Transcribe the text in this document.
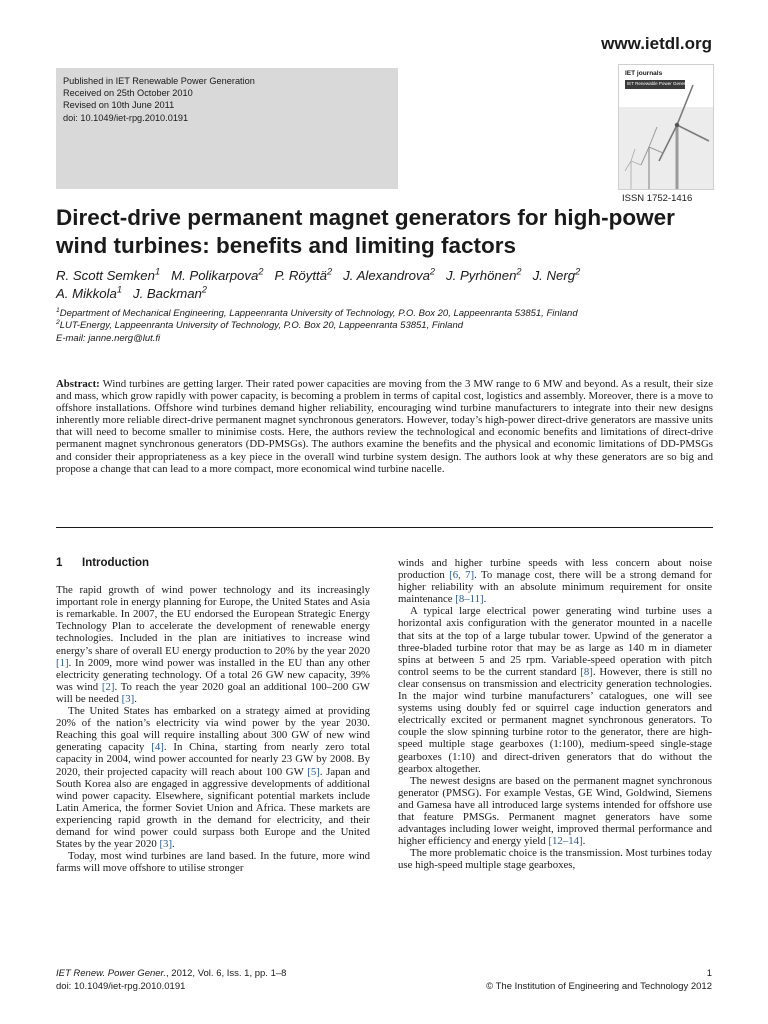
www.ietdl.org
Published in IET Renewable Power Generation
Received on 25th October 2010
Revised on 10th June 2011
doi: 10.1049/iet-rpg.2010.0191
IET journals
IET Renewable Power Generation
ISSN 1752-1416
Direct-drive permanent magnet generators for high-power wind turbines: benefits and limiting factors
R. Scott Semken$^1$ M. Polikarpova$^2$ P. Röyttä$^2$ J. Alexandrova$^2$ J. Pyrhönen$^2$ J. Nerg$^2$
A. Mikkola$^1$ J. Backman$^2$
$^1$Department of Mechanical Engineering, Lappeenranta University of Technology, P.O. Box 20, Lappeenranta 53851, Finland
$^2$LUT-Energy, Lappeenranta University of Technology, P.O. Box 20, Lappeenranta 53851, Finland
E-mail: janne.nerg@lut.fi
Abstract: Wind turbines are getting larger. Their rated power capacities are moving from the 3 MW range to 6 MW and beyond. As a result, their size and mass, which grow rapidly with power capacity, is becoming a problem in terms of capital cost, logistics and assembly. Moreover, there is a move to offshore installations. Offshore wind turbines demand higher reliability, encouraging wind turbine manufacturers to integrate into their new designs inherently more reliable direct-drive permanent magnet synchronous generators. However, today’s high-power direct-drive generators are massive units that will need to become smaller to minimise costs. Here, the authors review the technological and economic benefits and limitations of direct-drive permanent magnet synchronous generators (DD-PMSGs). The authors examine the benefits and the physical and economic limitations of DD-PMSGs and consider their appropriateness as a key piece in the overall wind turbine system design. The authors look at why these generators are so big and propose a change that can lead to a more compact, more economical wind turbine nacelle.
1 Introduction

The rapid growth of wind power technology and its increasingly important role in energy planning for Europe, the United States and Asia is remarkable. In 2007, the EU endorsed the European Strategic Energy Technology Plan to accelerate the development of renewable energy technologies. Included in the plan are initiatives to increase wind energy’s share of overall EU energy production to 20% by the year 2020 [1]. In 2009, more wind power was installed in the EU than any other electricity generating technology. Of a total 26 GW new capacity, 39% was wind [2]. To reach the year 2020 goal an additional 100–200 GW will be needed [3].

The United States has embarked on a strategy aimed at providing 20% of the nation’s electricity via wind power by the year 2030. Reaching this goal will require installing about 300 GW of new wind generating capacity [4]. In China, starting from nearly zero total capacity in 2004, wind power accounted for nearly 23 GW by 2008. By 2020, their projected capacity will reach about 100 GW [5]. Japan and South Korea also are engaged in aggressive developments of additional wind power capacity. Elsewhere, significant potential markets include Latin America, the former Soviet Union and Africa. These markets are experiencing rapid growth in the demand for electricity, and their demand for wind power could surpass both Europe and the United States by the year 2020 [3].

Today, most wind turbines are land based. In the future, more wind farms will move offshore to utilise stronger

winds and higher turbine speeds with less concern about noise production [6, 7]. To manage cost, there will be a strong demand for higher reliability with an absolute minimum requirement for onsite maintenance [8–11].

A typical large electrical power generating wind turbine uses a horizontal axis configuration with the generator mounted in a nacelle that sits at the top of a large tubular tower. Upwind of the generator a three-bladed turbine rotor that may be as large as 140 m in diameter spins at between 5 and 25 rpm. Variable-speed operation with pitch control seems to be the current standard [8]. However, there is still no clear consensus on transmission and electricity generation technologies. In the major wind turbine manufacturers’ catalogues, one will see systems using doubly fed or squirrel cage induction generators and electrically excited or permanent magnet synchronous generators. To couple the slow spinning turbine rotor to the generator, there are high-speed multiple stage gearboxes (1:100), medium-speed single-stage gearboxes (1:10) and direct-driven generators that do without the gearbox altogether.

The newest designs are based on the permanent magnet synchronous generator (PMSG). For example Vestas, GE Wind, Goldwind, Siemens and Gamesa have all introduced large systems intended for offshore use that feature PMSGs. Permanent magnet generators have some advantages including lower weight, improved thermal performance and higher efficiency and energy yield [12–14].

The more problematic choice is the transmission. Most turbines today use high-speed multiple stage gearboxes,

IET Renew. Power Gener., 2012, Vol. 6, Iss. 1, pp. 1–8
doi: 10.1049/iet-rpg.2010.0191
1
© The Institution of Engineering and Technology 2012
